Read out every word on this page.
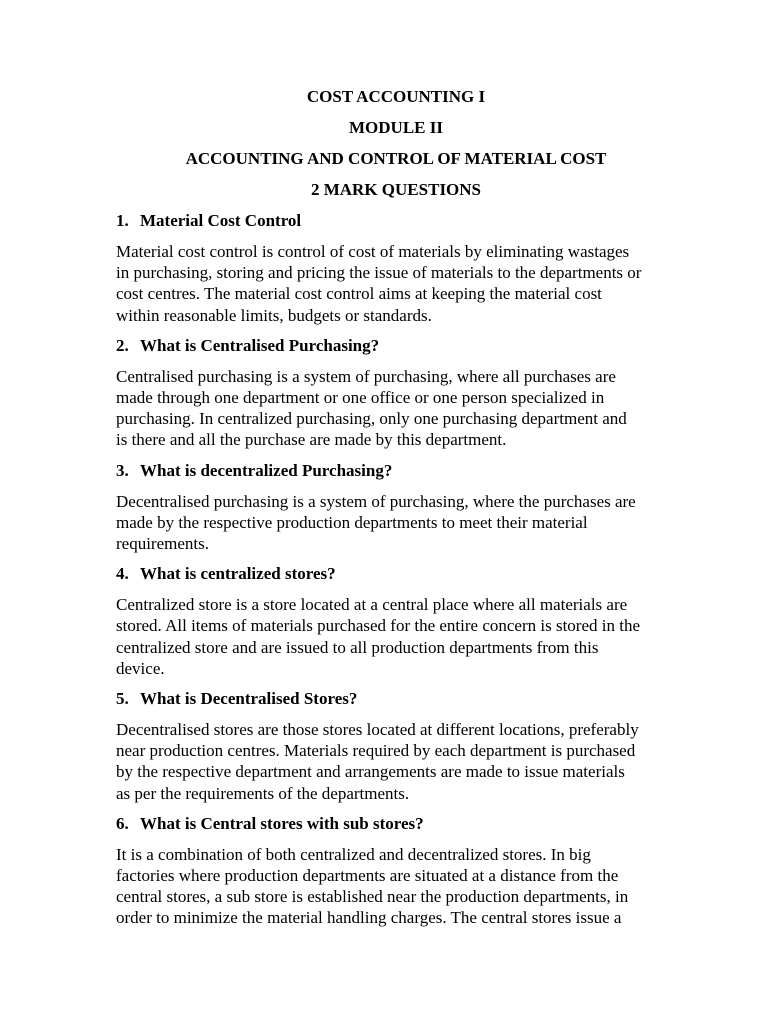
COST ACCOUNTING I
MODULE II
ACCOUNTING AND CONTROL OF MATERIAL COST
2 MARK QUESTIONS
1. Material Cost Control
Material cost control is control of cost of materials by eliminating wastages
in purchasing, storing and pricing the issue of materials to the departments or
cost centres. The material cost control aims at keeping the material cost
within reasonable limits, budgets or standards.
2. What is Centralised Purchasing?
Centralised purchasing is a system of purchasing, where all purchases are
made through one department or one office or one person specialized in
purchasing. In centralized purchasing, only one purchasing department and
is there and all the purchase are made by this department.
3. What is decentralized Purchasing?
Decentralised purchasing is a system of purchasing, where the purchases are
made by the respective production departments to meet their material
requirements.
4. What is centralized stores?
Centralized store is a store located at a central place where all materials are
stored. All items of materials purchased for the entire concern is stored in the
centralized store and are issued to all production departments from this
device.
5. What is Decentralised Stores?
Decentralised stores are those stores located at different locations, preferably
near production centres. Materials required by each department is purchased
by the respective department and arrangements are made to issue materials
as per the requirements of the departments.
6. What is Central stores with sub stores?
It is a combination of both centralized and decentralized stores. In big
factories where production departments are situated at a distance from the
central stores, a sub store is established near the production departments, in
order to minimize the material handling charges. The central stores issue a
